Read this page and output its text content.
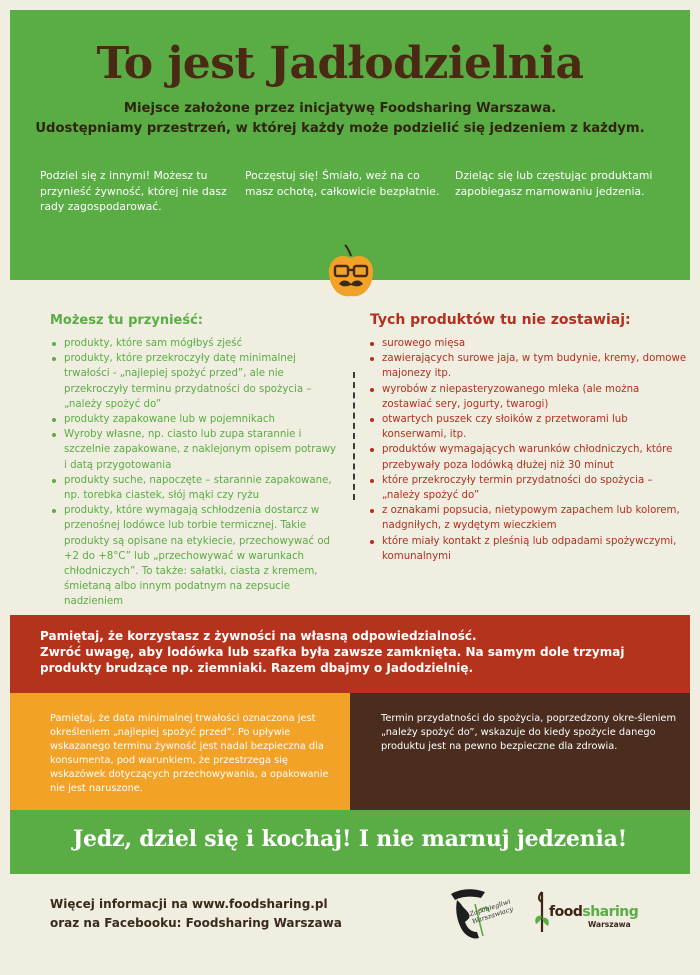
To jest Jadłodzielnia

Miejsce założone przez inicjatywę Foodsharing Warszawa.

Udostępniamy przestrzeń, w której każdy może podzielić się jedzeniem z każdym.

Podziel się z innymi! Możesz tu przynieść żywność, której nie dasz rady zagospodarować.

Poczęstuj się! Śmiało, weź na co masz ochotę, całkowicie bezpłatnie.

Dzieląc się lub częstując produktami zapobiegasz marnowaniu jedzenia.

Możesz tu przynieść:

produkty, które sam mógłbyś zjeść
produkty, które przekroczyły datę minimalnej trwałości - „najlepiej spożyć przed”, ale nie przekroczyły terminu przydatności do spożycia – „należy spożyć do”
produkty zapakowane lub w pojemnikach
Wyroby własne, np. ciasto lub zupa starannie i szczelnie zapakowane, z naklejonym opisem potrawy i datą przygotowania
produkty suche, napoczęte – starannie zapakowane, np. torebka ciastek, słój mąki czy ryżu
produkty, które wymagają schłodzenia dostarcz w przenośnej lodówce lub torbie termicznej. Takie produkty są opisane na etykiecie, przechowywać od +2 do +8°C” lub „przechowywać w warunkach chłodniczych”. To także: sałatki, ciasta z kremem, śmietaną albo innym podatnym na zepsucie nadzieniem

Tych produktów tu nie zostawiaj:

surowego mięsa
zawierających surowe jaja, w tym budynie, kremy, domowe majonezy itp.
wyrobów z niepasteryzowanego mleka (ale można zostawiać sery, jogurty, twarogi)
otwartych puszek czy słoików z przetworami lub konserwami, itp.
produktów wymagających warunków chłodniczych, które przebywały poza lodówką dłużej niż 30 minut
które przekroczyły termin przydatności do spożycia – „należy spożyć do”
z oznakami popsucia, nietypowym zapachem lub kolorem, nadgniłych, z wydętym wieczkiem
które miały kontakt z pleśnią lub odpadami spożywczymi, komunalnymi
Pamiętaj, że korzystasz z żywności na własną odpowiedzialność.
Zwróć uwagę, aby lodówka lub szafka była zawsze zamknięta. Na samym dole trzymaj produkty brudzące np. ziemniaki. Razem dbajmy o Jadodzielnię.

Pamiętaj, że data minimalnej trwałości oznaczona jest określeniem „najlepiej spożyć przed”. Po upływie wskazanego terminu żywność jest nadal bezpieczna dla konsumenta, pod warunkiem, że przestrzega się wskazówek dotyczących przechowywania, a opakowanie nie jest naruszone.

Termin przydatności do spożycia, poprzedzony okre-śleniem „należy spożyć do”, wskazuje do kiedy spożycie danego produktu jest na pewno bezpieczne dla zdrowia.

Jedz, dziel się i kochaj! I nie marnuj jedzenia!

Więcej informacji na www.foodsharing.pl
oraz na Facebooku: Foodsharing Warszawa

Zapobiegliwi Warszawiacy	foodsharing

Warszawa
